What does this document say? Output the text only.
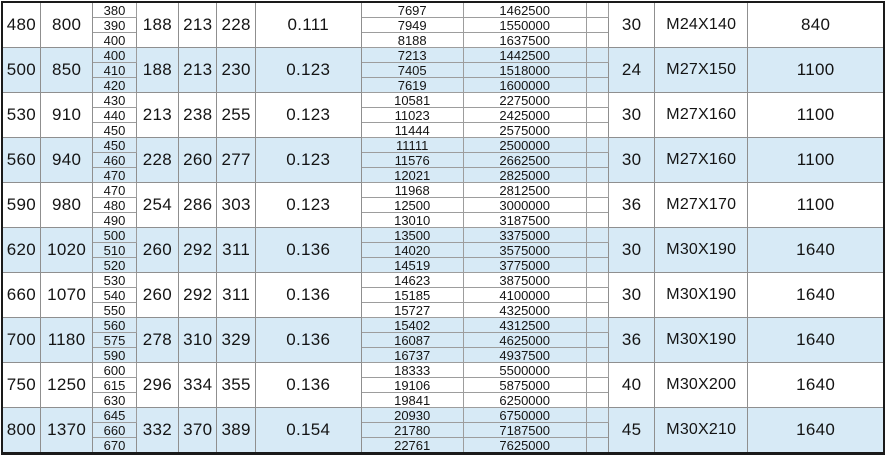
480	800	380	188	213	228	0.111	7697	1462500		30	M24X140	840
		390					7949	1550000				
		400					8188	1637500				
500	850	400	188	213	230	0.123	7213	1442500		24	M27X150	1100
		410					7405	1518000				
		420					7619	1600000				
530	910	430	213	238	255	0.123	10581	2275000		30	M27X160	1100
		440					11023	2425000				
		450					11444	2575000				
560	940	450	228	260	277	0.123	11111	2500000		30	M27X160	1100
		460					11576	2662500				
		470					12021	2825000				
590	980	470	254	286	303	0.123	11968	2812500		36	M27X170	1100
		480					12500	3000000				
		490					13010	3187500				
620	1020	500	260	292	311	0.136	13500	3375000		30	M30X190	1640
		510					14020	3575000				
		520					14519	3775000				
660	1070	530	260	292	311	0.136	14623	3875000		30	M30X190	1640
		540					15185	4100000				
		550					15727	4325000				
700	1180	560	278	310	329	0.136	15402	4312500		36	M30X190	1640
		575					16087	4625000				
		590					16737	4937500				
750	1250	600	296	334	355	0.136	18333	5500000		40	M30X200	1640
		615					19106	5875000				
		630					19841	6250000				
800	1370	645	332	370	389	0.154	20930	6750000		45	M30X210	1640
		660					21780	7187500				
		670					22761	7625000				
